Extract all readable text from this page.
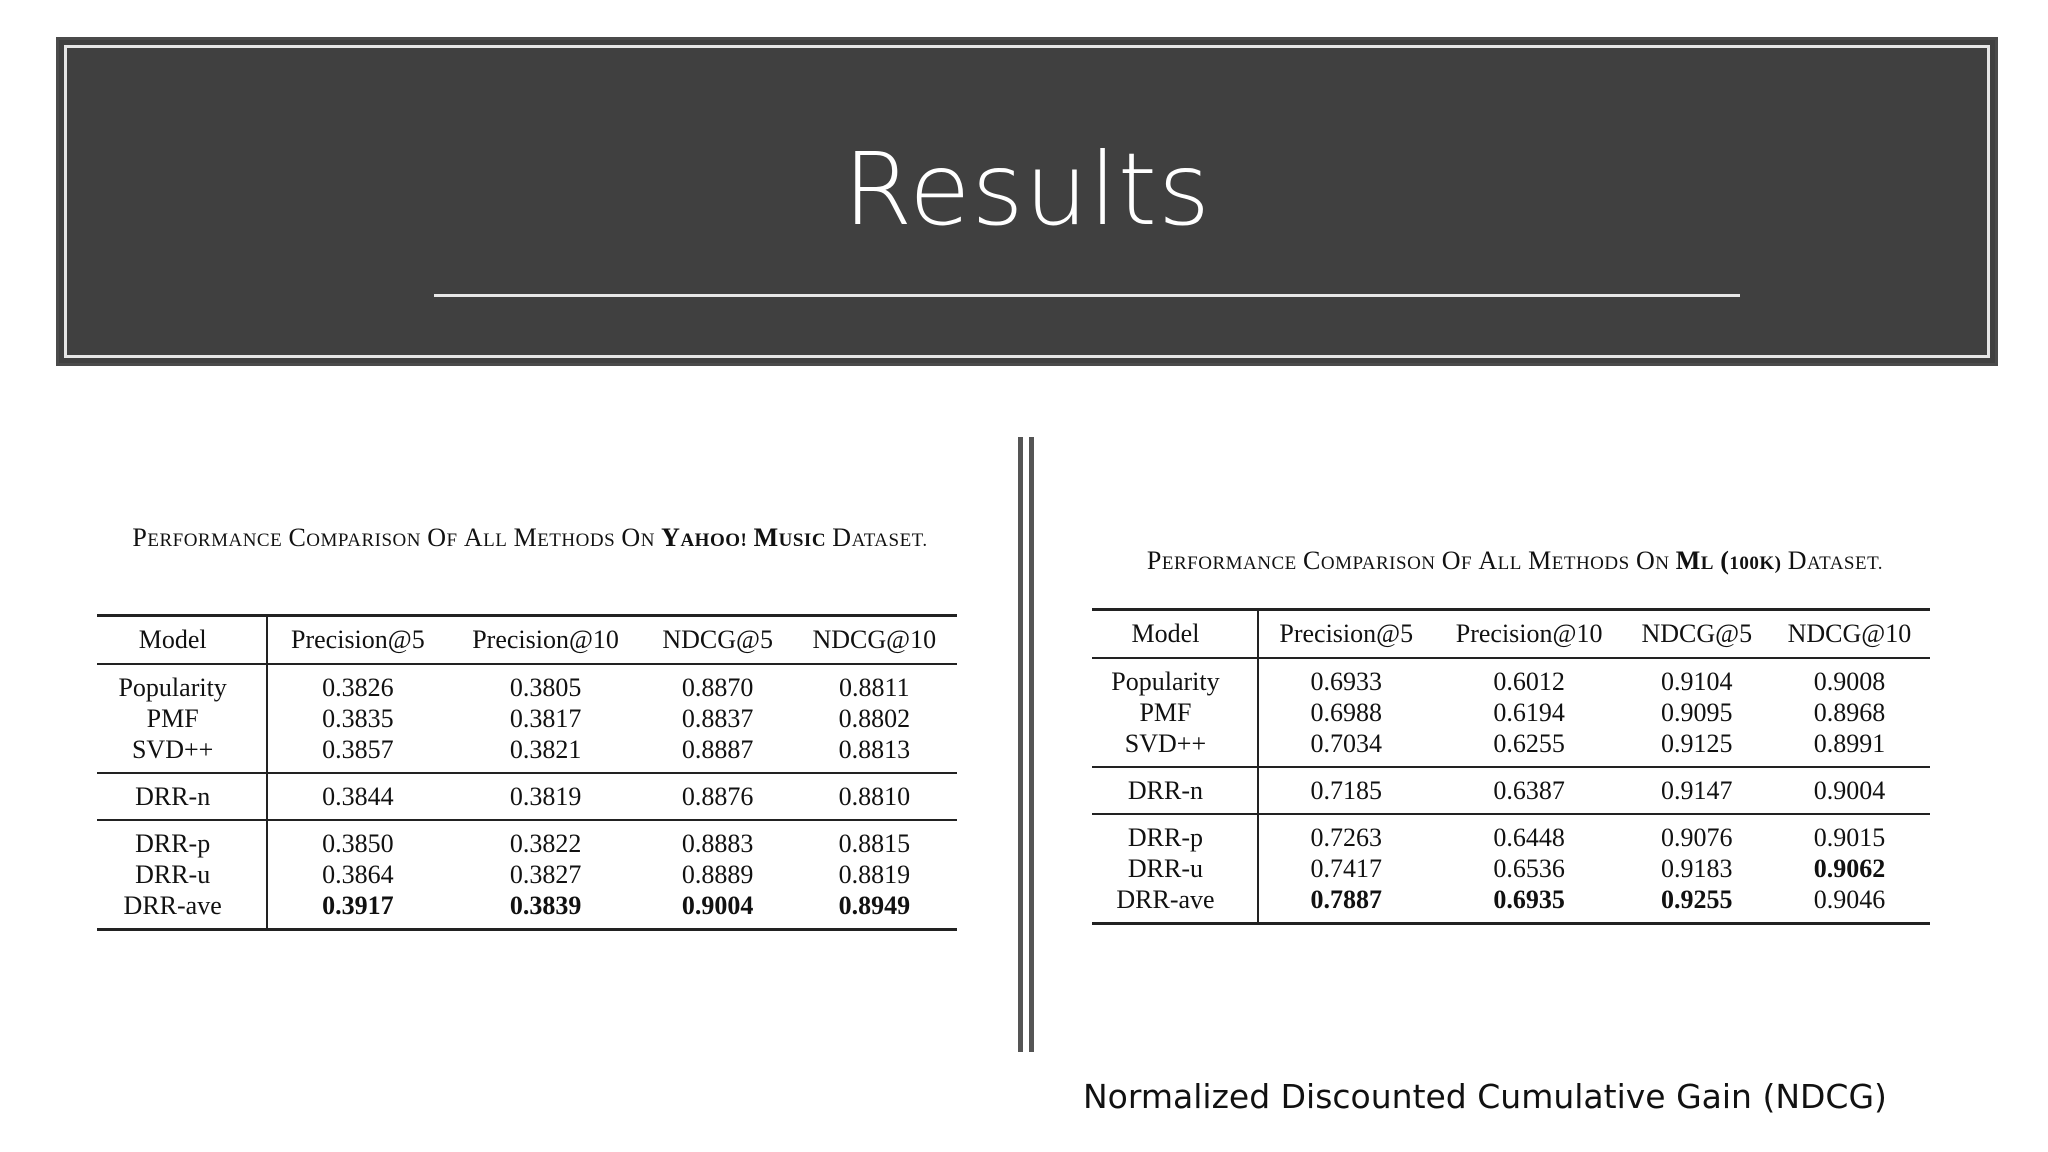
Results
PERFORMANCE COMPARISON OF ALL METHODS ON YAHOO! MUSIC DATASET.
Model	Precision@5	Precision@10	NDCG@5	NDCG@10
Popularity	0.3826	0.3805	0.8870	0.8811
PMF	0.3835	0.3817	0.8837	0.8802
SVD++	0.3857	0.3821	0.8887	0.8813
DRR-n	0.3844	0.3819	0.8876	0.8810
DRR-p	0.3850	0.3822	0.8883	0.8815
DRR-u	0.3864	0.3827	0.8889	0.8819
DRR-ave	0.3917	0.3839	0.9004	0.8949
PERFORMANCE COMPARISON OF ALL METHODS ON ML (100K) DATASET.
Model	Precision@5	Precision@10	NDCG@5	NDCG@10
Popularity	0.6933	0.6012	0.9104	0.9008
PMF	0.6988	0.6194	0.9095	0.8968
SVD++	0.7034	0.6255	0.9125	0.8991
DRR-n	0.7185	0.6387	0.9147	0.9004
DRR-p	0.7263	0.6448	0.9076	0.9015
DRR-u	0.7417	0.6536	0.9183	0.9062
DRR-ave	0.7887	0.6935	0.9255	0.9046
Normalized Discounted Cumulative Gain (NDCG)
